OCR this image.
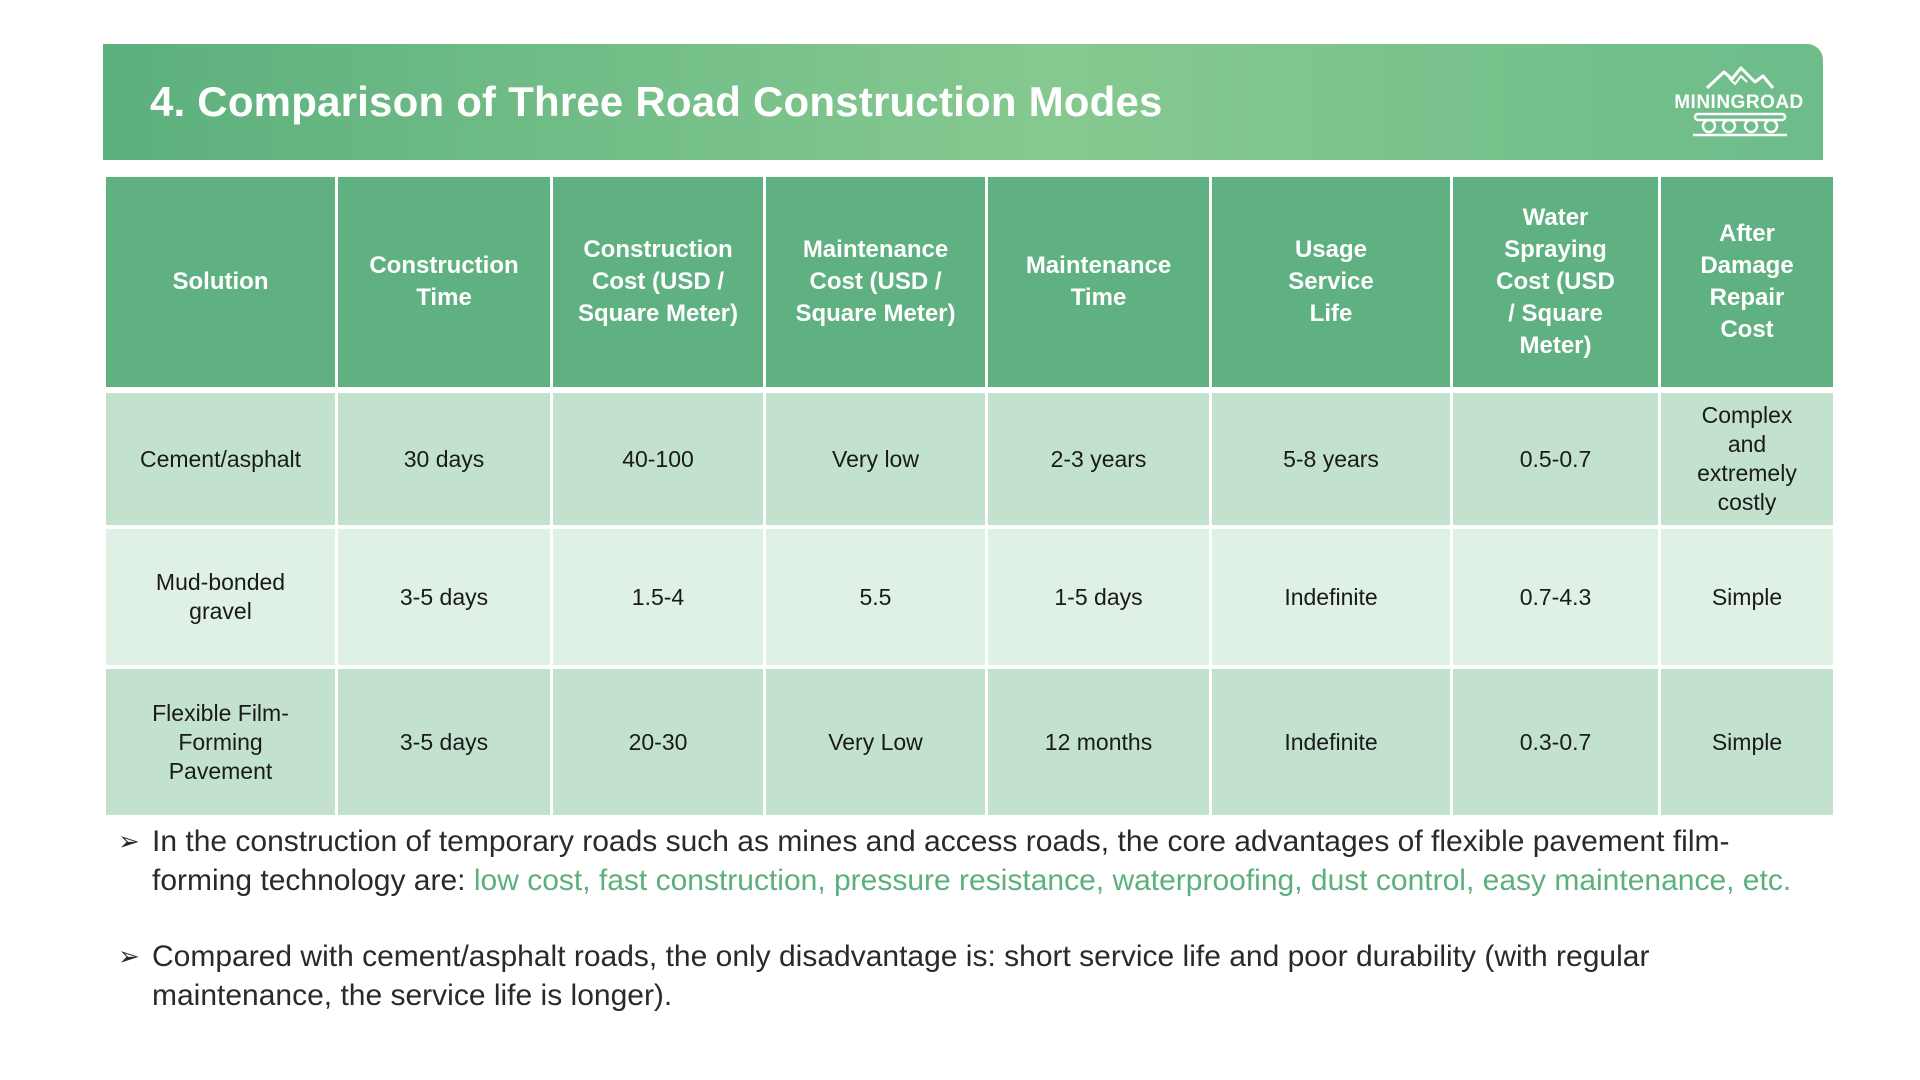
4. Comparison of Three Road Construction Modes	MININGROAD
Solution	Construction Time	Construction Cost (USD / Square Meter)	Maintenance Cost (USD / Square Meter)	Maintenance Time	Usage Service Life	Water Spraying Cost (USD / Square Meter)	After Damage Repair Cost
Cement/asphalt	30 days	40-100	Very low	2-3 years	5-8 years	0.5-0.7	Complex and extremely costly
Mud-bonded gravel	3-5 days	1.5-4	5.5	1-5 days	Indefinite	0.7-4.3	Simple
Flexible Film-Forming Pavement	3-5 days	20-30	Very Low	12 months	Indefinite	0.3-0.7	Simple
➢ In the construction of temporary roads such as mines and access roads, the core advantages of flexible pavement film-forming technology are: low cost, fast construction, pressure resistance, waterproofing, dust control, easy maintenance, etc.
➢ Compared with cement/asphalt roads, the only disadvantage is: short service life and poor durability (with regular maintenance, the service life is longer).
